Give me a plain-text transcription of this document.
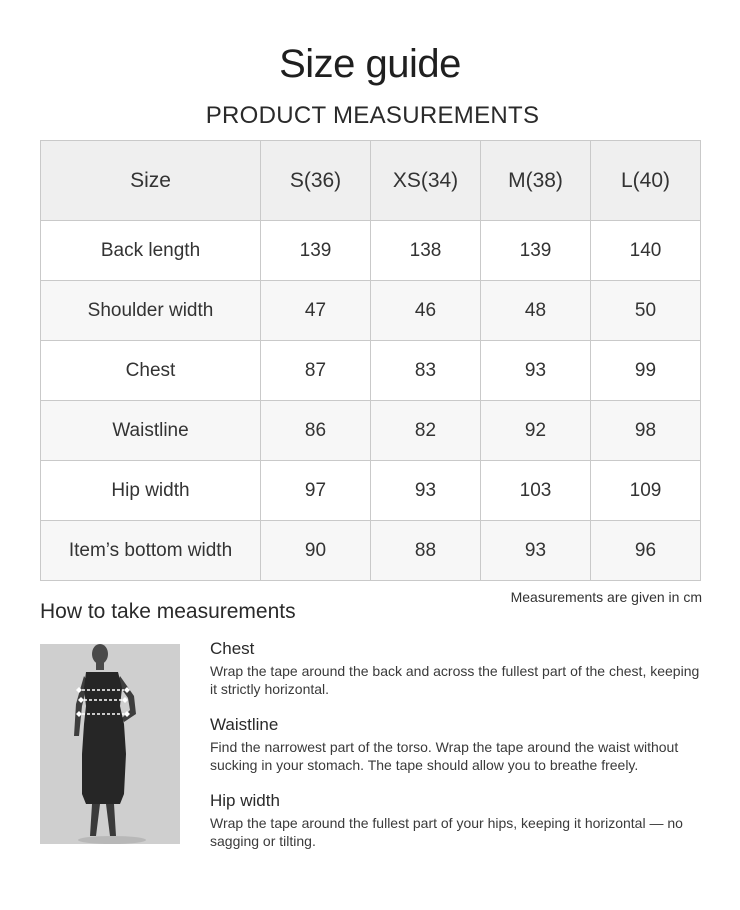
Size guide
PRODUCT MEASUREMENTS
Size	S(36)	XS(34)	M(38)	L(40)
Back length	139	138	139	140
Shoulder width	47	46	48	50
Chest	87	83	93	99
Waistline	86	82	92	98
Hip width	97	93	103	109
Item’s bottom width	90	88	93	96
Measurements are given in cm
How to take measurements
Chest
Wrap the tape around the back and across the fullest part of the chest, keeping it strictly horizontal.
Waistline
Find the narrowest part of the torso. Wrap the tape around the waist without sucking in your stomach. The tape should allow you to breathe freely.
Hip width
Wrap the tape around the fullest part of your hips, keeping it horizontal — no sagging or tilting.
